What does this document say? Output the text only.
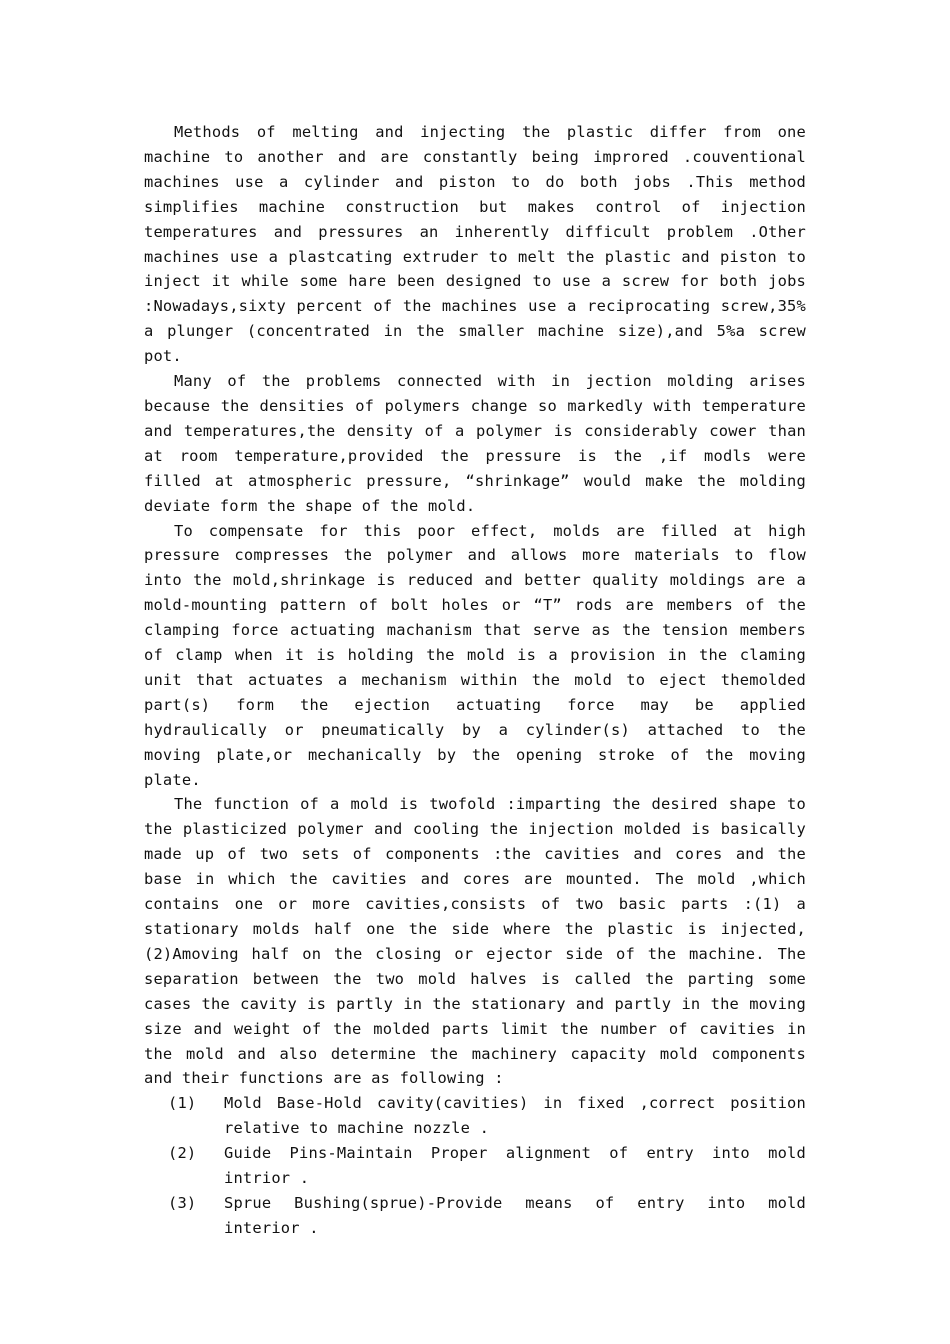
Methods of melting and injecting the plastic differ from one machine to another and are constantly being improred .couventional machines use a cylinder and piston to do both jobs .This method simplifies machine construction but makes control of injection temperatures and pressures an inherently difficult problem .Other machines use a plastcating extruder to melt the plastic and piston to inject it while some hare been designed to use a screw for both jobs :Nowadays,sixty percent of the machines use a reciprocating screw,35% a plunger (concentrated in the smaller machine size),and 5%a screw pot.

Many of the problems connected with in jection molding arises because the densities of polymers change so markedly with temperature and temperatures,the density of a polymer is considerably cower than at room temperature,provided the pressure is the ,if modls were filled at atmospheric pressure, “shrinkage” would make the molding deviate form the shape of the mold.

To compensate for this poor effect, molds are filled at high pressure compresses the polymer and allows more materials to flow into the mold,shrinkage is reduced and better quality moldings are a mold-mounting pattern of bolt holes or “T” rods are members of the clamping force actuating machanism that serve as the tension members of clamp when it is holding the mold is a provision in the claming unit that actuates a mechanism within the mold to eject themolded part(s) form the ejection actuating force may be applied hydraulically or pneumatically by a cylinder(s) attached to the moving plate,or mechanically by the opening stroke of the moving plate.

The function of a mold is twofold :imparting the desired shape to the plasticized polymer and cooling the injection molded is basically made up of two sets of components :the cavities and cores and the base in which the cavities and cores are mounted. The mold ,which contains one or more cavities,consists of two basic parts :(1) a stationary molds half one the side where the plastic is injected,(2)Amoving half on the closing or ejector side of the machine. The separation between the two mold halves is called the parting some cases the cavity is partly in the stationary and partly in the moving size and weight of the molded parts limit the number of cavities in the mold and also determine the machinery capacity mold components and their functions are as following :

(1) Mold Base-Hold cavity(cavities) in fixed ,correct position relative to machine nozzle .
(2) Guide Pins-Maintain Proper alignment of entry into mold intrior .
(3) Sprue Bushing(sprue)-Provide means of entry into mold interior .
